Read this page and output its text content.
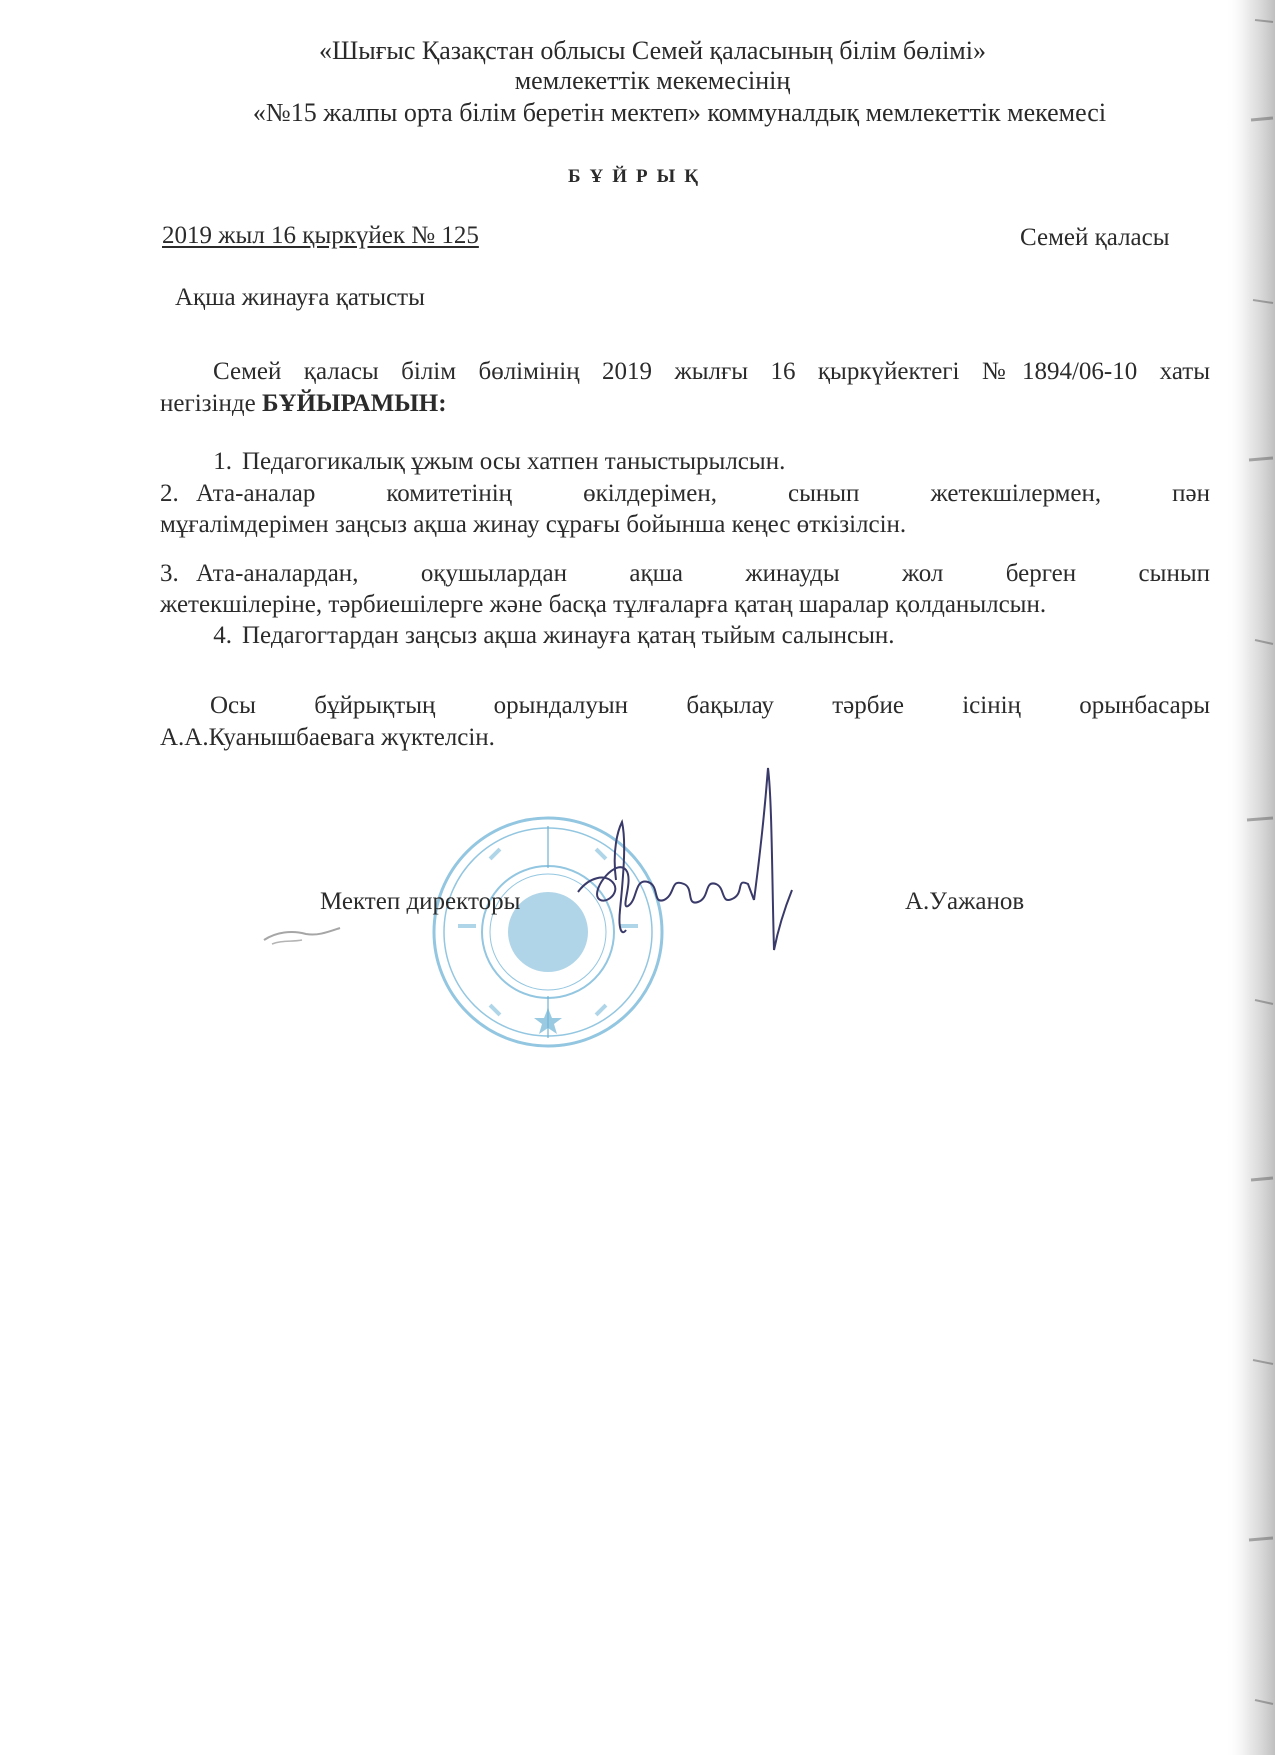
«Шығыс Қазақстан облысы Семей қаласының білім бөлімі»
мемлекеттік мекемесінің
«№15 жалпы орта білім беретін мектеп» коммуналдық мемлекеттік мекемесі
БҰЙРЫҚ
2019 жыл 16 қыркүйек № 125	Семей қаласы
Ақша жинауға қатысты
Семей қаласы білім бөлімінің 2019 жылғы 16 қыркүйектегі №1894/06-10 хаты
негізінде БҰЙЫРАМЫН:
1. Педагогикалық ұжым осы хатпен таныстырылсын.
2. Ата-аналар комитетінің өкілдерімен, сынып жетекшілермен, пән
мұғалімдерімен заңсыз ақша жинау сұрағы бойынша кеңес өткізілсін.
3. Ата-аналардан, оқушылардан ақша жинауды жол берген сынып
жетекшілеріне, тәрбиешілерге және басқа тұлғаларға қатаң шаралар қолданылсын.
4. Педагогтардан заңсыз ақша жинауға қатаң тыйым салынсын.
Осы бұйрықтың орындалуын бақылау тәрбие ісінің орынбасары
А.А.Куанышбаевага жүктелсін.
Мектеп директоры	А.Уажанов
